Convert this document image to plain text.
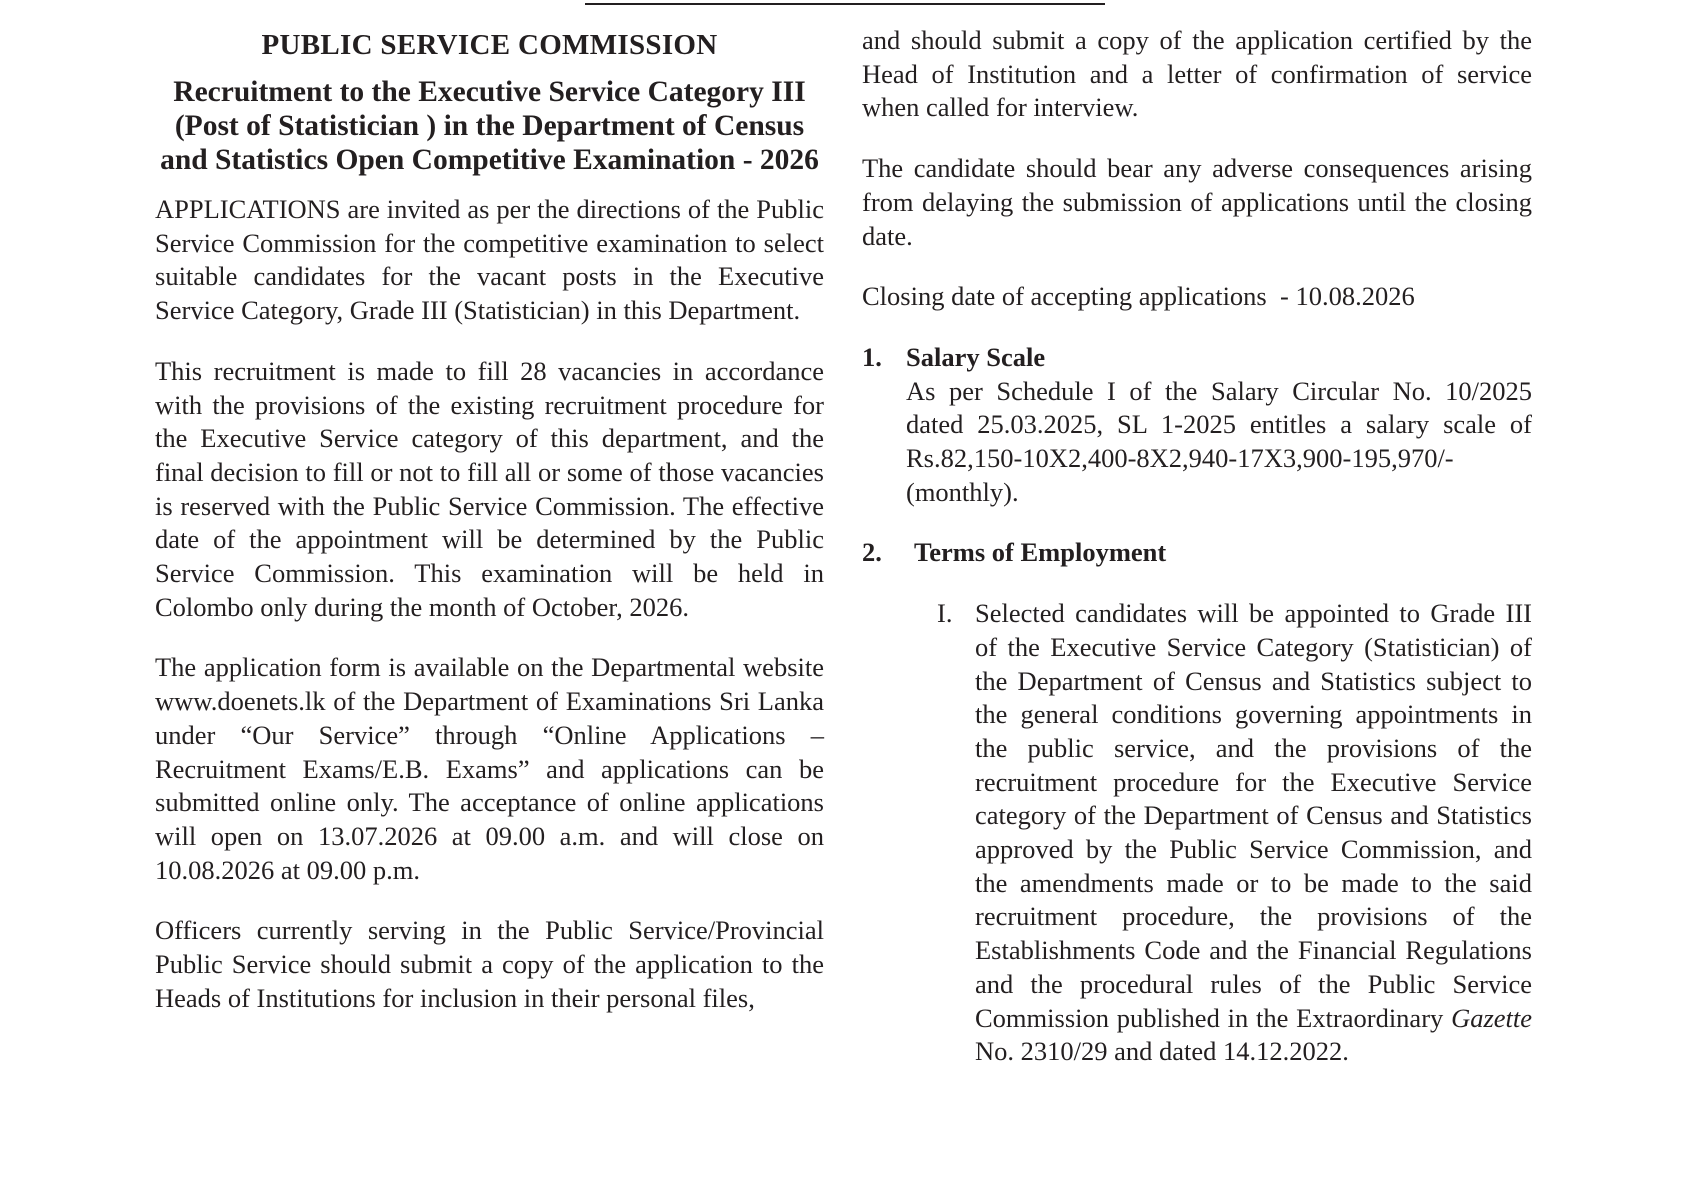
PUBLIC SERVICE COMMISSION
Recruitment to the Executive Service Category III (Post of Statistician ) in the Department of Census and Statistics Open Competitive Examination - 2026

APPLICATIONS are invited as per the directions of the Public Service Commission for the competitive examination to select suitable candidates for the vacant posts in the Executive Service Category, Grade III (Statistician) in this Department.

This recruitment is made to fill 28 vacancies in accordance with the provisions of the existing recruitment procedure for the Executive Service category of this department, and the final decision to fill or not to fill all or some of those vacancies is reserved with the Public Service Commission. The effective date of the appointment will be determined by the Public Service Commission. This examination will be held in Colombo only during the month of October, 2026.

The application form is available on the Departmental website www.doenets.lk of the Department of Examinations Sri Lanka under “Our Service” through “Online Applications – Recruitment Exams/E.B. Exams” and applications can be submitted online only. The acceptance of online applications will open on 13.07.2026 at 09.00 a.m. and will close on 10.08.2026 at 09.00 p.m.

Officers currently serving in the Public Service/Provincial Public Service should submit a copy of the application to the Heads of Institutions for inclusion in their personal files,

and should submit a copy of the application certified by the Head of Institution and a letter of confirmation of service when called for interview.

The candidate should bear any adverse consequences arising from delaying the submission of applications until the closing date.

Closing date of accepting applications - 10.08.2026

1. Salary Scale

As per Schedule I of the Salary Circular No. 10/2025 dated 25.03.2025, SL 1-2025 entitles a salary scale of Rs.82,150-10X2,400-8X2,940-17X3,900-195,970/- (monthly).

2.	Terms of Employment
I. Selected candidates will be appointed to Grade III of the Executive Service Category (Statistician) of the Department of Census and Statistics subject to the general conditions governing appointments in the public service, and the provisions of the recruitment procedure for the Executive Service category of the Department of Census and Statistics approved by the Public Service Commission, and the amendments made or to be made to the said recruitment procedure, the provisions of the Establishments Code and the Financial Regulations and the procedural rules of the Public Service Commission published in the Extraordinary Gazette No. 2310/29 and dated 14.12.2022.
